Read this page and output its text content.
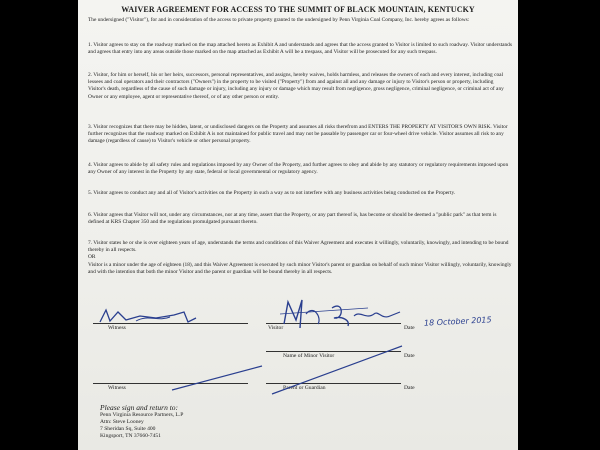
WAIVER AGREEMENT FOR ACCESS TO THE SUMMIT OF BLACK MOUNTAIN, KENTUCKY

The undersigned ("Visitor"), for and in consideration of the access to private property granted to the undersigned by Penn Virginia Coal Company, Inc. hereby agrees as follows:

1. Visitor agrees to stay on the roadway marked on the map attached hereto as Exhibit A and understands and agrees that the access granted to Visitor is limited to such roadway. Visitor understands and agrees that entry into any areas outside those marked on the map attached as Exhibit A will be a trespass, and Visitor will be prosecuted for any such trespass.

2. Visitor, for him or herself, his or her heirs, successors, personal representatives, and assigns, hereby waives, holds harmless, and releases the owners of each and every interest, including coal lessees and coal operators and their contractors ("Owners") in the property to be visited ("Property") from and against all and any damage or injury to Visitor's person or property, including Visitor's death, regardless of the cause of such damage or injury, including any injury or damage which may result from negligence, gross negligence, criminal negligence, or criminal act of any Owner or any employee, agent or representative thereof, or of any other person or entity.

3. Visitor recognizes that there may be hidden, latent, or undisclosed dangers on the Property and assumes all risks therefrom and ENTERS THE PROPERTY AT VISITOR'S OWN RISK. Visitor further recognizes that the roadway marked on Exhibit A is not maintained for public travel and may not be passable by passenger car or four-wheel drive vehicle. Visitor assumes all risk to any damage (regardless of cause) to Visitor's vehicle or other personal property.

4. Visitor agrees to abide by all safety rules and regulations imposed by any Owner of the Property, and further agrees to obey and abide by any statutory or regulatory requirements imposed upon any Owner of any interest in the Property by any state, federal or local governmental or regulatory agency.

5. Visitor agrees to conduct any and all of Visitor's activities on the Property in such a way as to not interfere with any business activities being conducted on the Property.

6. Visitor agrees that Visitor will not, under any circumstances, nor at any time, assert that the Property, or any part thereof is, has become or should be deemed a "public park" as that term is defined at KRS Chapter 350 and the regulations promulgated pursuant thereto.

7. Visitor states he or she is over eighteen years of age, understands the terms and conditions of this Waiver Agreement and executes it willingly, voluntarily, knowingly, and intending to be bound thereby in all respects.
OR
Visitor is a minor under the age of eighteen (18), and this Waiver Agreement is executed by such minor Visitor's parent or guardian on behalf of such minor Visitor willingly, voluntarily, knowingly and with the intention that both the minor Visitor and the parent or guardian will be bound thereby in all respects.

Witness	Visitor	Date
18 October 2015
Name of Minor Visitor	Date
Witness	Parent or Guardian	Date
Please sign and return to:
Penn Virginia Resource Partners, L.P
Attn: Steve Looney
7 Sheridan Sq, Suite 400
Kingsport, TN 37660-7451
